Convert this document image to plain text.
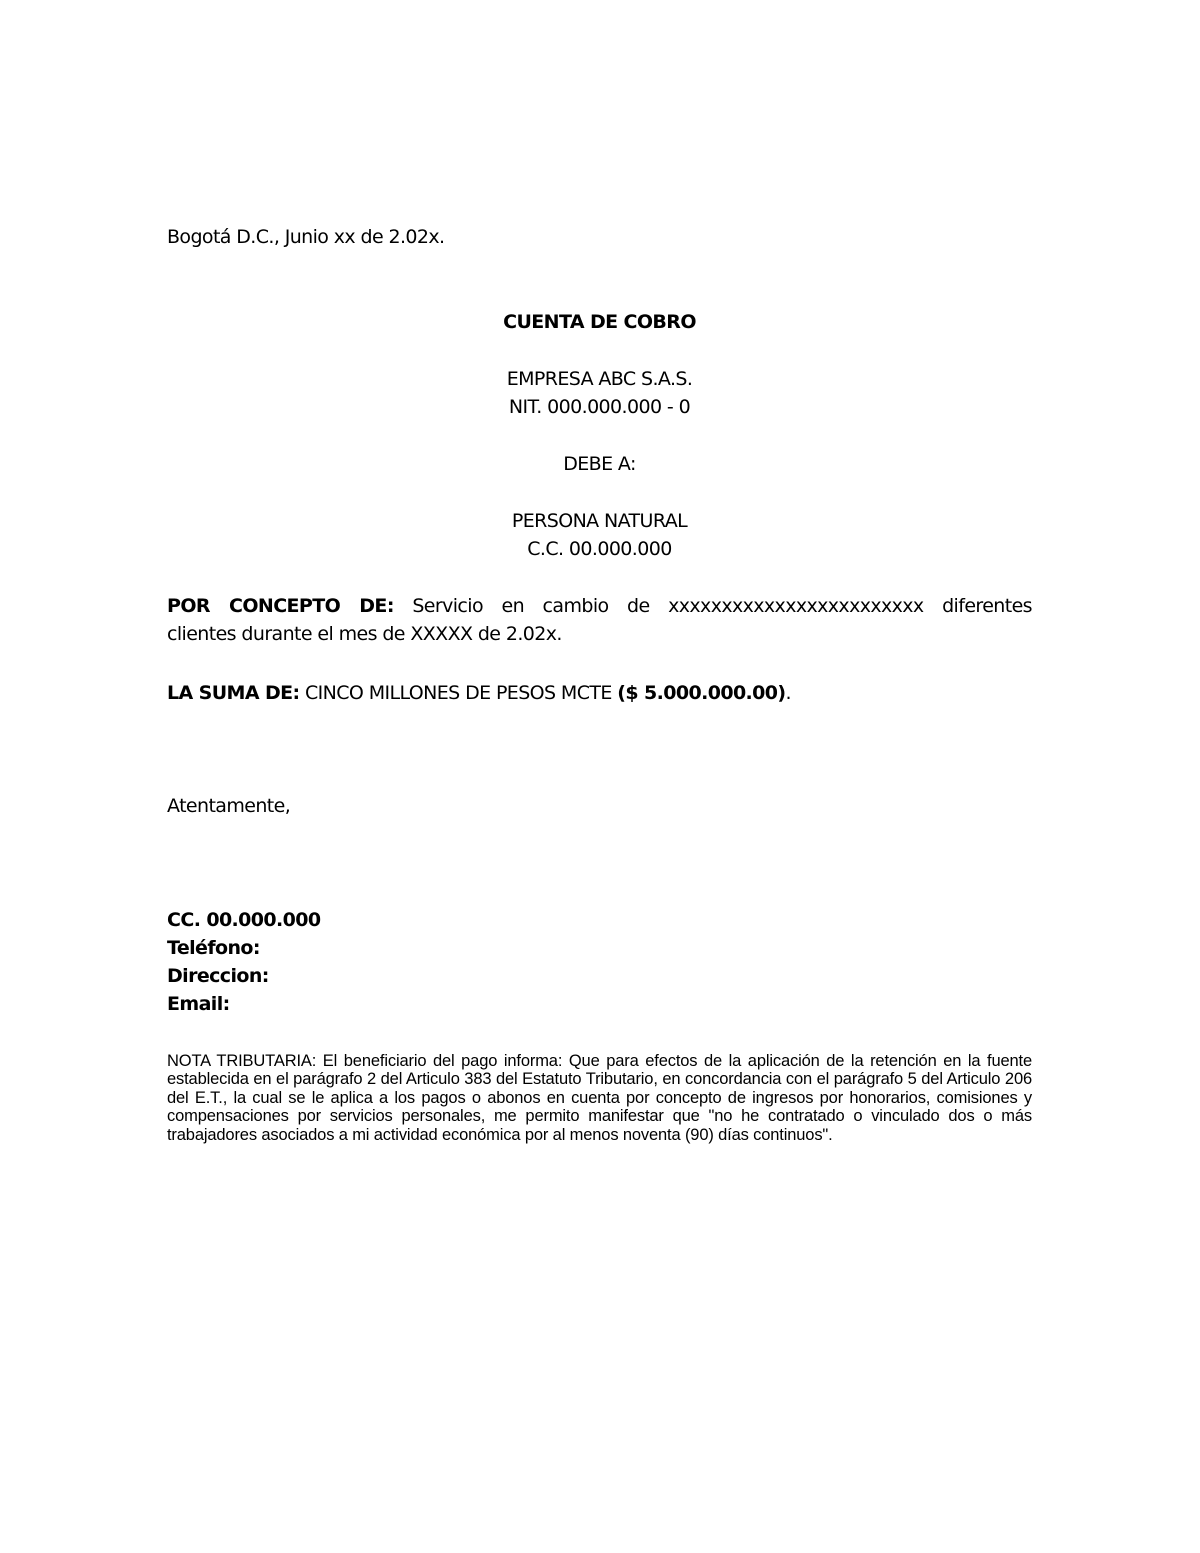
Bogotá D.C., Junio xx de 2.02x.
CUENTA DE COBRO
EMPRESA ABC S.A.S.
NIT. 000.000.000 - 0
DEBE A:
PERSONA NATURAL
C.C. 00.000.000
POR CONCEPTO DE: Servicio en cambio de xxxxxxxxxxxxxxxxxxxxxxxx diferentes
clientes durante el mes de XXXXX de 2.02x.
LA SUMA DE: CINCO MILLONES DE PESOS MCTE ($ 5.000.000.00).
Atentamente,
CC. 00.000.000
Teléfono:
Direccion:
Email:
NOTA TRIBUTARIA: El beneficiario del pago informa: Que para efectos de la aplicación de la retención en la fuente establecida en el parágrafo 2 del Articulo 383 del Estatuto Tributario, en concordancia con el parágrafo 5 del Articulo 206 del E.T., la cual se le aplica a los pagos o abonos en cuenta por concepto de ingresos por honorarios, comisiones y compensaciones por servicios personales, me permito manifestar que "no he contratado o vinculado dos o más trabajadores asociados a mi actividad económica por al menos noventa (90) días continuos".
